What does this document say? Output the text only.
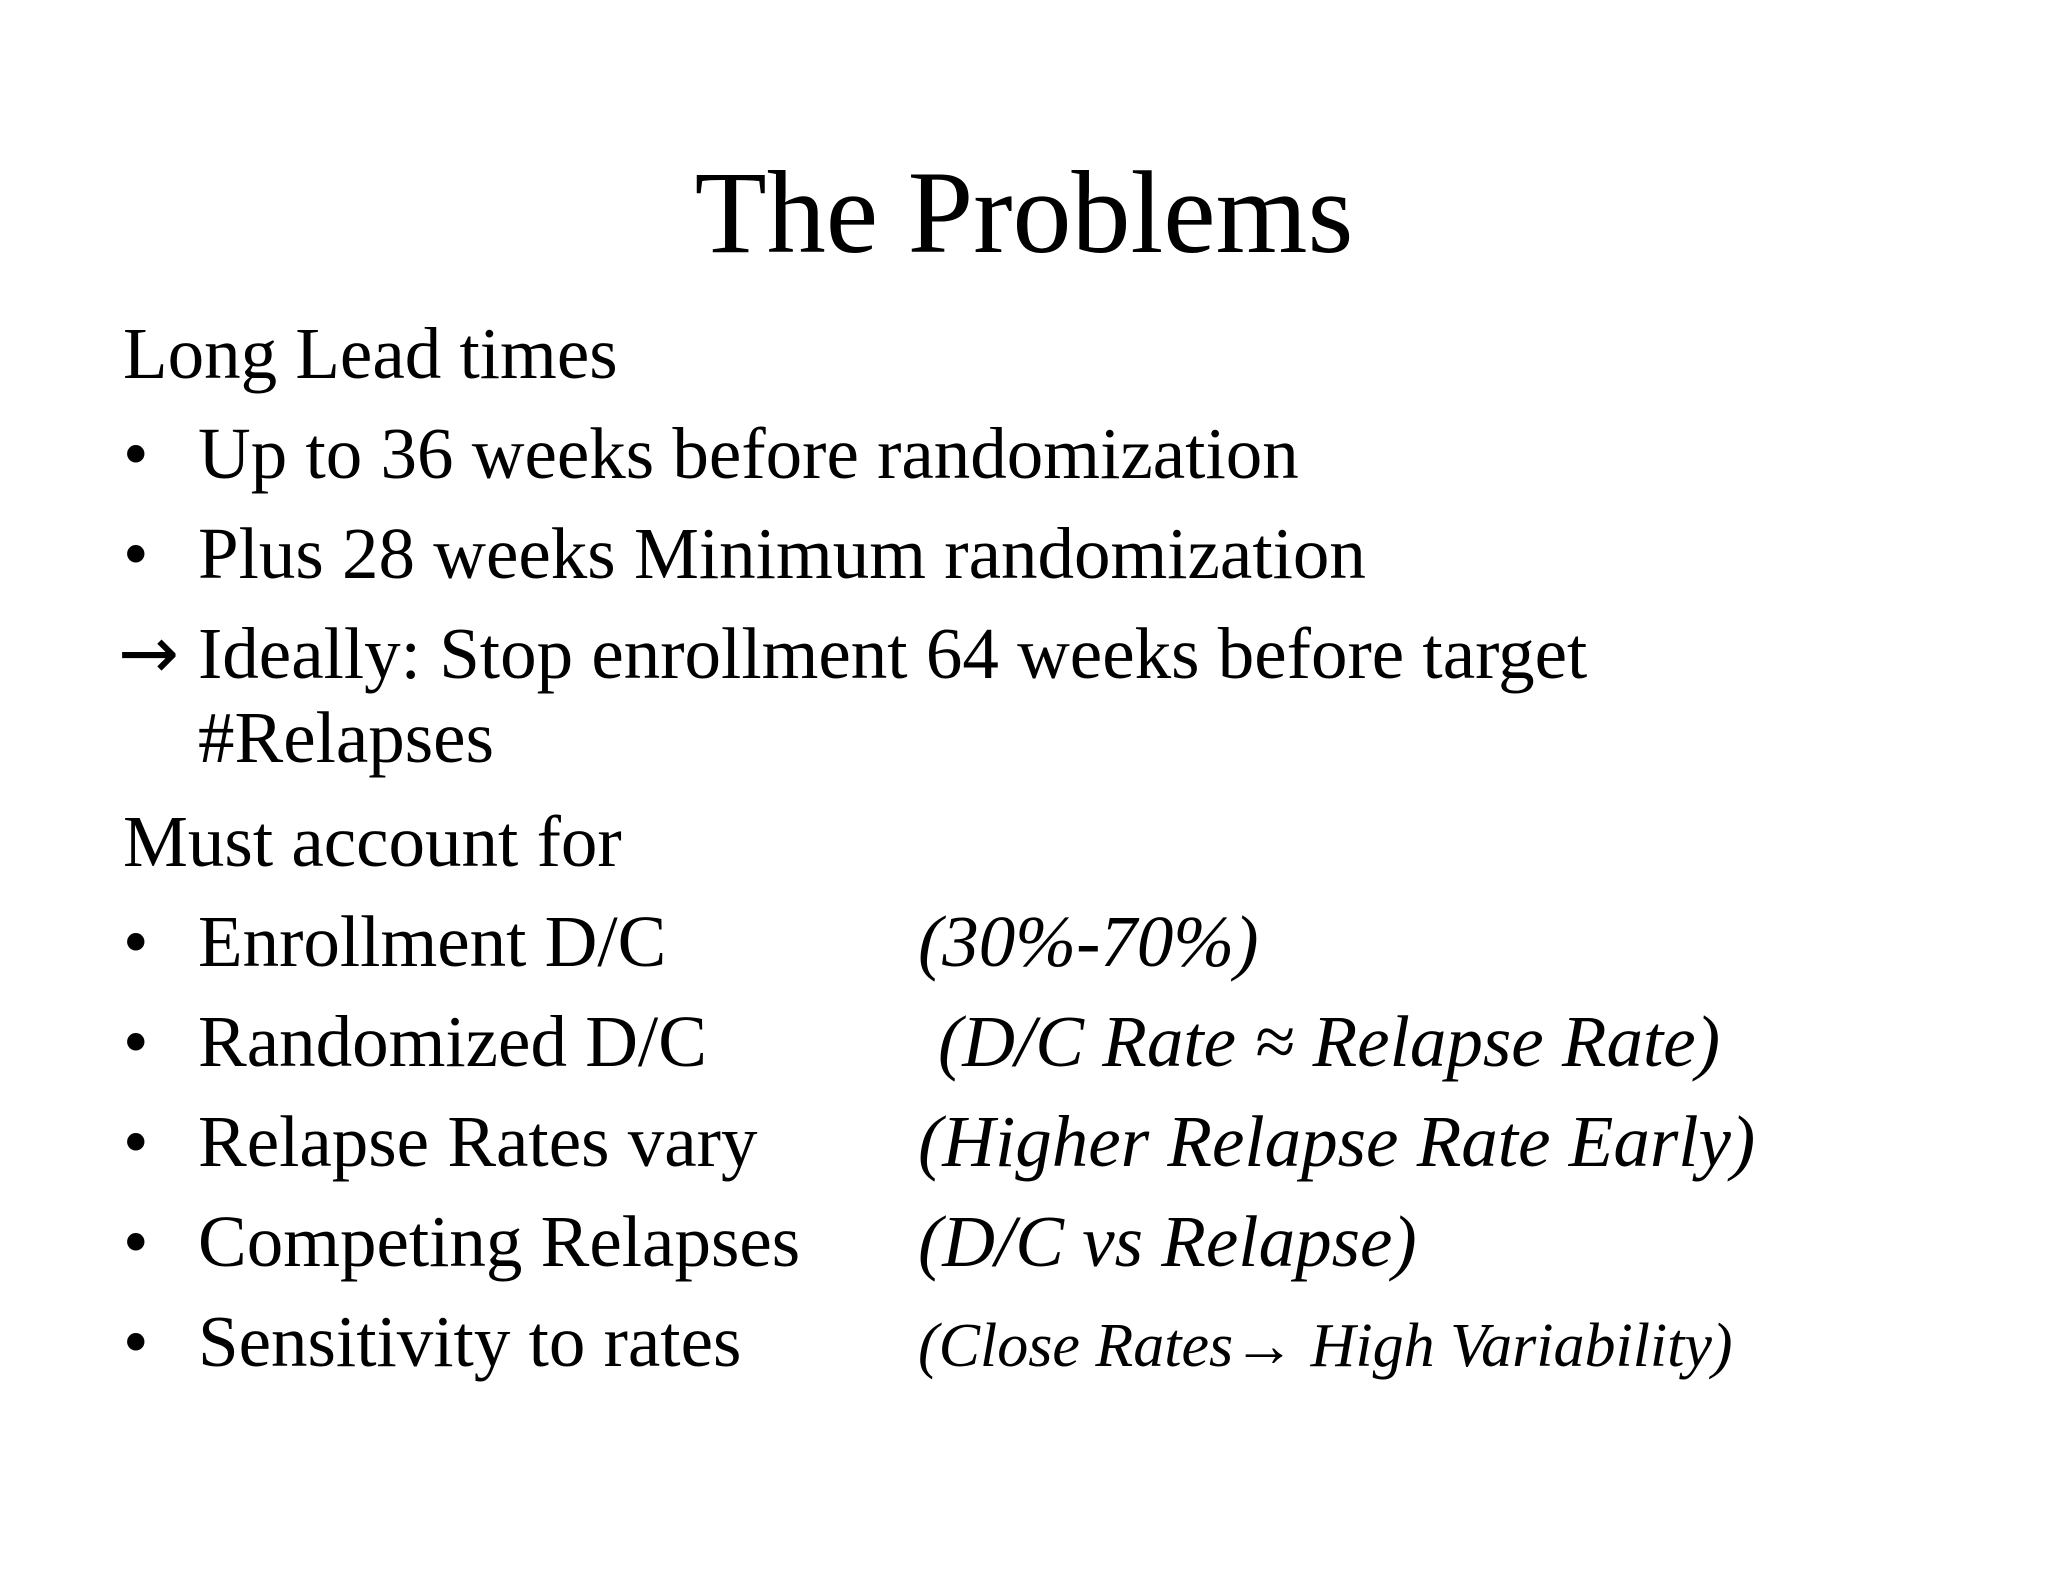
The Problems
Long Lead times
• Up to 36 weeks before randomization
• Plus 28 weeks Minimum randomization
→ Ideally: Stop enrollment 64 weeks before target
#Relapses
Must account for
• Enrollment D/C	(30%-70%)
• Randomized D/C	(D/C Rate ≈ Relapse Rate)
• Relapse Rates vary (Higher Relapse Rate Early)
• Competing Relapses (D/C vs Relapse)
• Sensitivity to rates	(Close Rates→ High Variability)
